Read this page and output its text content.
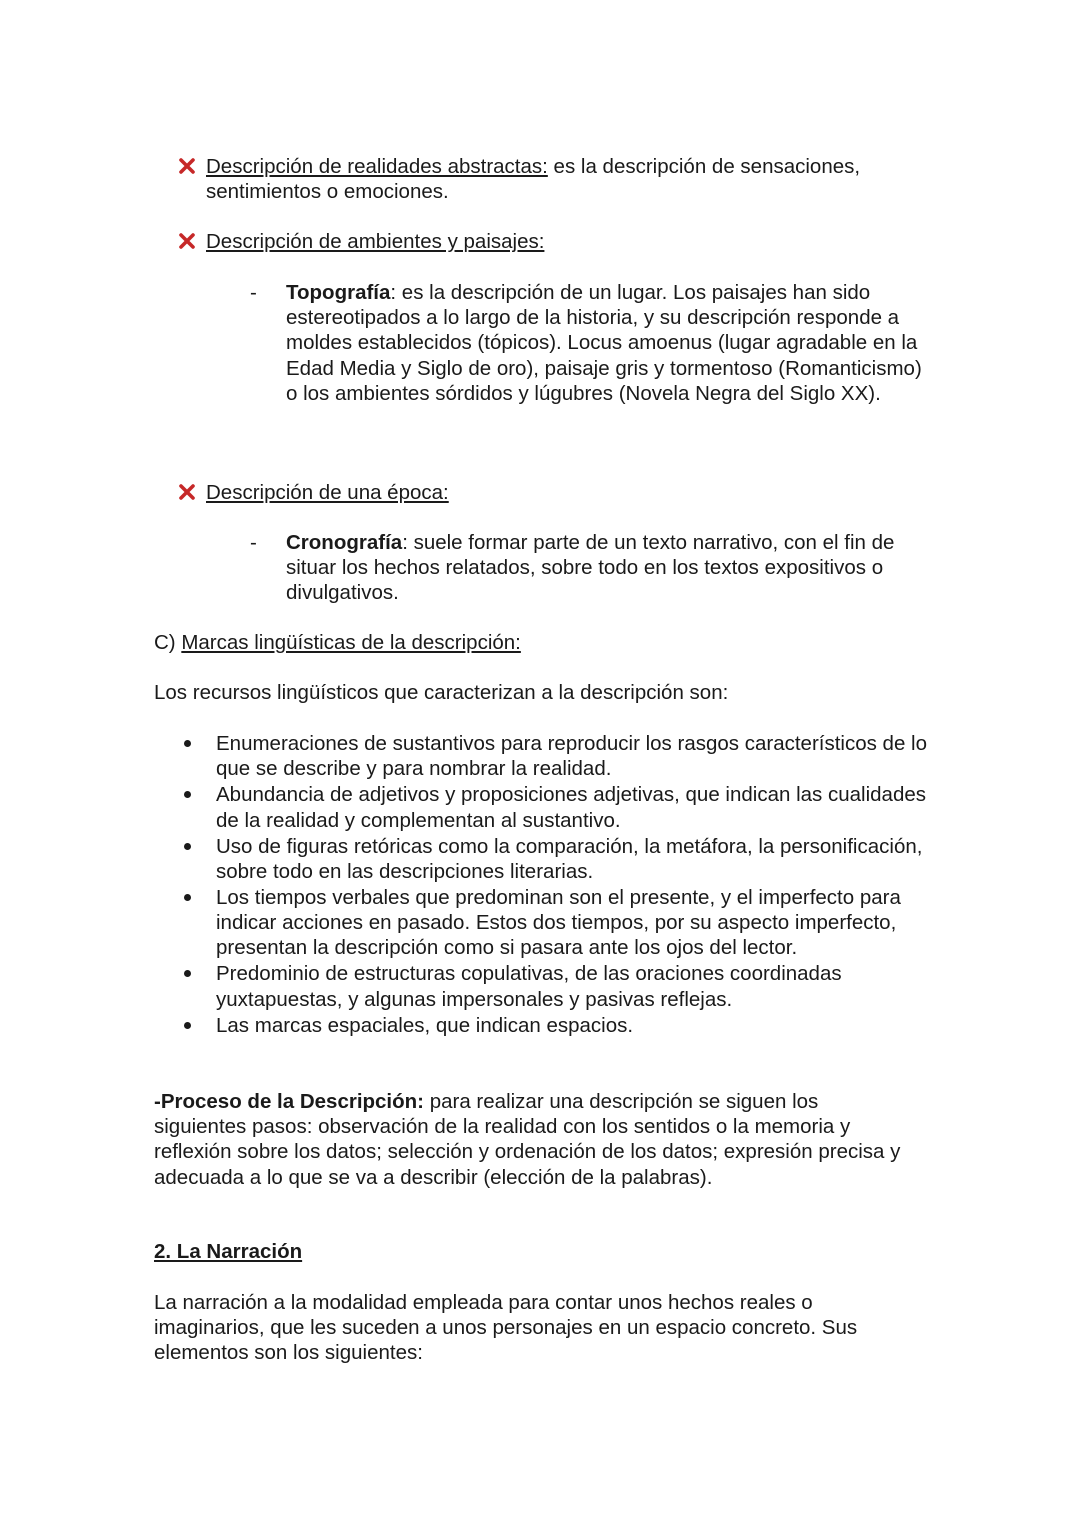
Descripción de realidades abstractas: es la descripción de sensaciones, sentimientos o emociones.
Descripción de ambientes y paisajes:
- Topografía: es la descripción de un lugar. Los paisajes han sido estereotipados a lo largo de la historia, y su descripción responde a moldes establecidos (tópicos). Locus amoenus (lugar agradable en la Edad Media y Siglo de oro), paisaje gris y tormentoso (Romanticismo) o los ambientes sórdidos y lúgubres (Novela Negra del Siglo XX).
Descripción de una época:
- Cronografía: suele formar parte de un texto narrativo, con el fin de situar los hechos relatados, sobre todo en los textos expositivos o divulgativos.
C) Marcas lingüísticas de la descripción:
Los recursos lingüísticos que caracterizan a la descripción son:
Enumeraciones de sustantivos para reproducir los rasgos característicos de lo que se describe y para nombrar la realidad.
Abundancia de adjetivos y proposiciones adjetivas, que indican las cualidades de la realidad y complementan al sustantivo.
Uso de figuras retóricas como la comparación, la metáfora, la personificación, sobre todo en las descripciones literarias.
Los tiempos verbales que predominan son el presente, y el imperfecto para indicar acciones en pasado. Estos dos tiempos, por su aspecto imperfecto, presentan la descripción como si pasara ante los ojos del lector.
Predominio de estructuras copulativas, de las oraciones coordinadas yuxtapuestas, y algunas impersonales y pasivas reflejas.
Las marcas espaciales, que indican espacios.
-Proceso de la Descripción: para realizar una descripción se siguen los siguientes pasos: observación de la realidad con los sentidos o la memoria y reflexión sobre los datos; selección y ordenación de los datos; expresión precisa y adecuada a lo que se va a describir (elección de la palabras).
2. La Narración
La narración a la modalidad empleada para contar unos hechos reales o imaginarios, que les suceden a unos personajes en un espacio concreto. Sus elementos son los siguientes:
